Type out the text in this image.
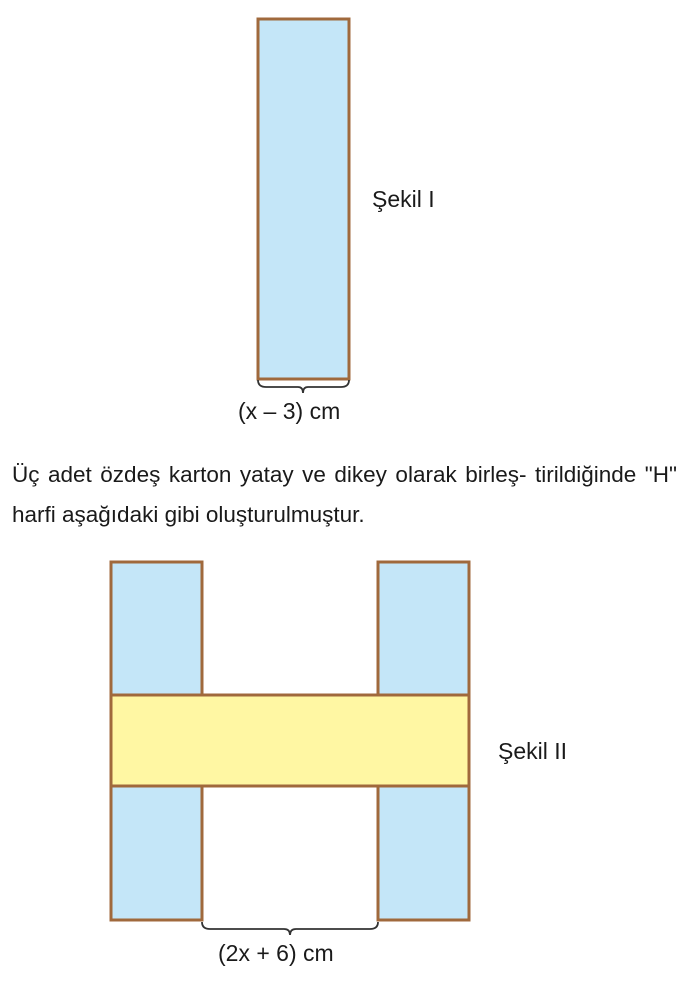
Şekil I
(x – 3) cm

Üç adet özdeş karton yatay ve dikey olarak birleş- tirildiğinde "H" harfi aşağıdaki gibi oluşturulmuştur.

Şekil II
(2x + 6) cm
